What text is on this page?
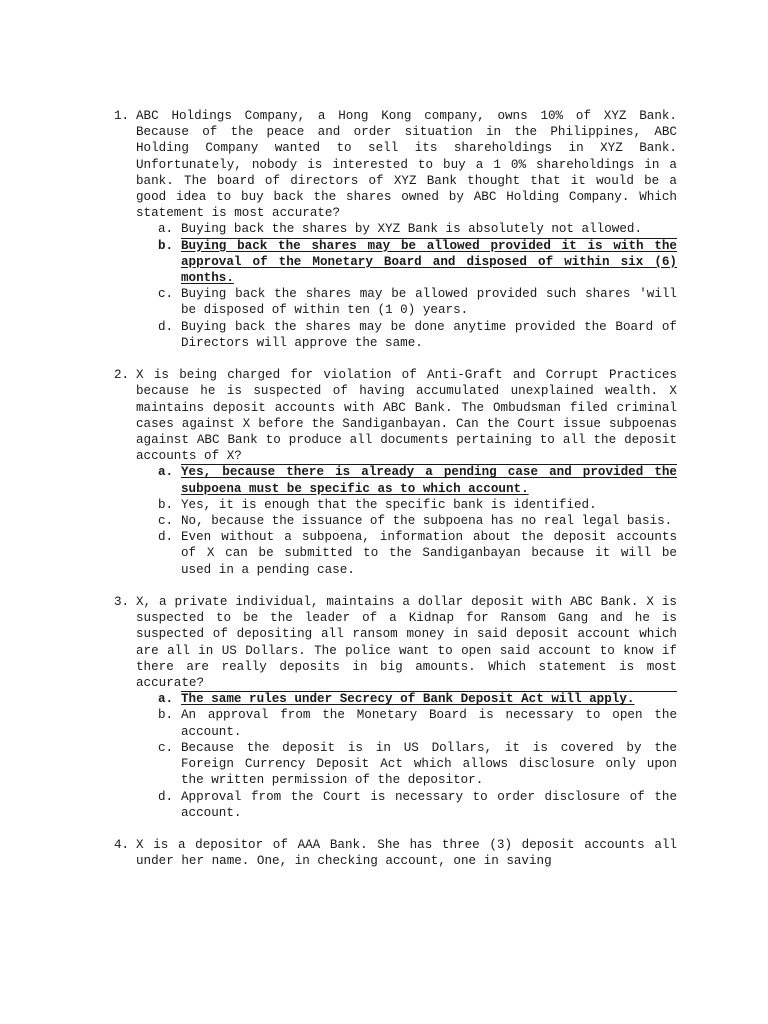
1. ABC Holdings Company, a Hong Kong company, owns 10% of XYZ Bank. Because of the peace and order situation in the Philippines, ABC Holding Company wanted to sell its shareholdings in XYZ Bank. Unfortunately, nobody is interested to buy a 1 0% shareholdings in a bank. The board of directors of XYZ Bank thought that it would be a good idea to buy back the shares owned by ABC Holding Company. Which statement is most accurate?
a. Buying back the shares by XYZ Bank is absolutely not allowed.
b. Buying back the shares may be allowed provided it is with the approval of the Monetary Board and disposed of within six (6) months.
c. Buying back the shares may be allowed provided such shares 'will be disposed of within ten (1 0) years.
d. Buying back the shares may be done anytime provided the Board of Directors will approve the same.
2. X is being charged for violation of Anti-Graft and Corrupt Practices because he is suspected of having accumulated unexplained wealth. X maintains deposit accounts with ABC Bank. The Ombudsman filed criminal cases against X before the Sandiganbayan. Can the Court issue subpoenas against ABC Bank to produce all documents pertaining to all the deposit accounts of X?
a. Yes, because there is already a pending case and provided the subpoena must be specific as to which account.
b. Yes, it is enough that the specific bank is identified.
c. No, because the issuance of the subpoena has no real legal basis.
d. Even without a subpoena, information about the deposit accounts of X can be submitted to the Sandiganbayan because it will be used in a pending case.
3. X, a private individual, maintains a dollar deposit with ABC Bank. X is suspected to be the leader of a Kidnap for Ransom Gang and he is suspected of depositing all ransom money in said deposit account which are all in US Dollars. The police want to open said account to know if there are really deposits in big amounts. Which statement is most accurate?
a. The same rules under Secrecy of Bank Deposit Act will apply.
b. An approval from the Monetary Board is necessary to open the account.
c. Because the deposit is in US Dollars, it is covered by the Foreign Currency Deposit Act which allows disclosure only upon the written permission of the depositor.
d. Approval from the Court is necessary to order disclosure of the account.
4. X is a depositor of AAA Bank. She has three (3) deposit accounts all under her name. One, in checking account, one in saving
